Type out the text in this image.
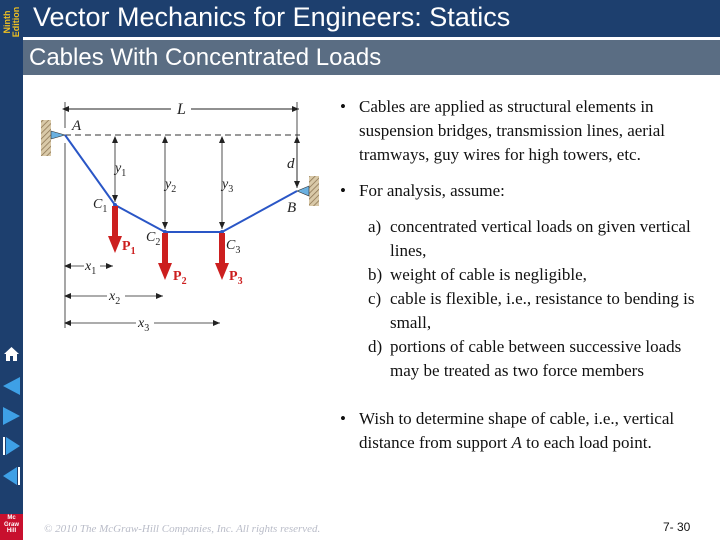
Ninth
Edition
Mc
Graw
Hill
Vector Mechanics for Engineers: Statics
Cables With Concentrated Loads
L
A
B
d
$y_1$
$y_2$	$y_3$
$C_1$
$C_2$	$C_3$
$P_1$
$P_2$	$P_3$
$x_1$
$x_2$
$x_3$
• Cables are applied as structural elements in suspension bridges, transmission lines, aerial tramways, guy wires for high towers, etc.
• For analysis, assume:
a) concentrated vertical loads on given vertical lines,
b) weight of cable is negligible,
c) cable is flexible, i.e., resistance to bending is small,
d) portions of cable between successive loads may be treated as two force members
• Wish to determine shape of cable, i.e., vertical distance from support A to each load point.
© 2010 The McGraw-Hill Companies, Inc. All rights reserved.	7- 30
